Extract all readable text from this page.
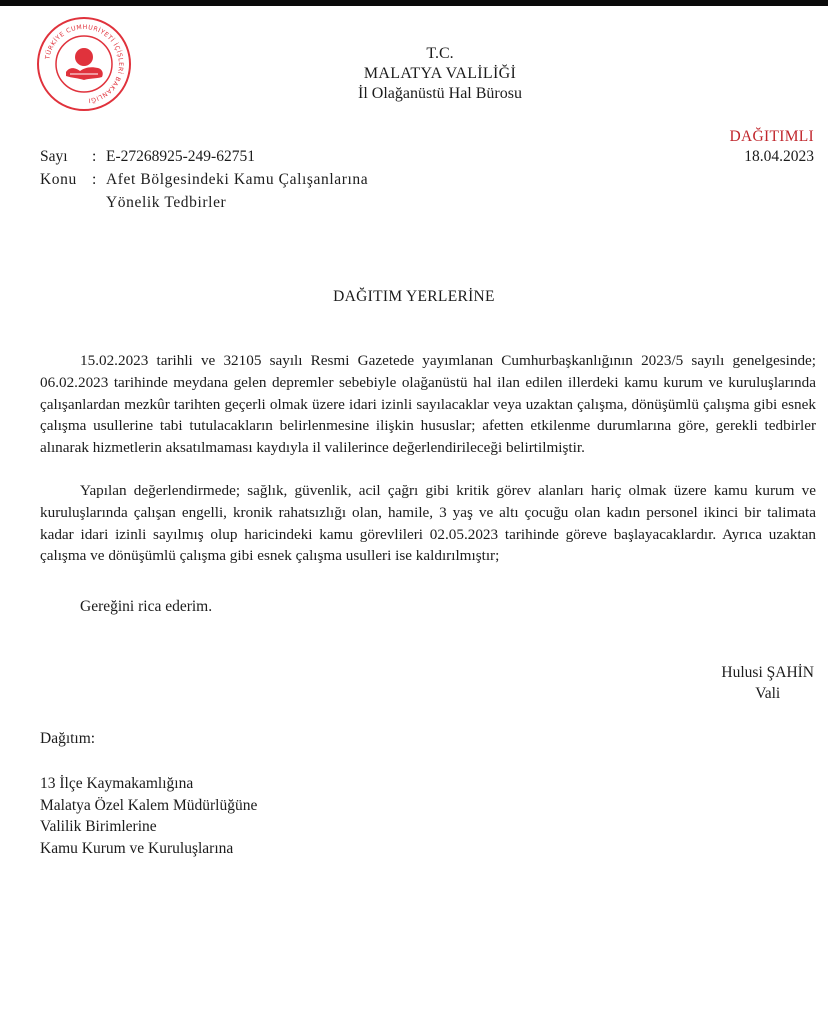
TÜRKİYE CUMHURİYETİ İÇİŞLERİ BAKANLIĞI
T.C.
MALATYA VALİLİĞİ
İl Olağanüstü Hal Bürosu
DAĞITIMLI
18.04.2023
Sayı : E-27268925-249-62751
Konu : Afet Bölgesindeki Kamu Çalışanlarına
Yönelik Tedbirler
DAĞITIM YERLERİNE
15.02.2023 tarihli ve 32105 sayılı Resmi Gazetede yayımlanan Cumhurbaşkanlığının 2023/5 sayılı genelgesinde; 06.02.2023 tarihinde meydana gelen depremler sebebiyle olağanüstü hal ilan edilen illerdeki kamu kurum ve kuruluşlarında çalışanlardan mezkûr tarihten geçerli olmak üzere idari izinli sayılacaklar veya uzaktan çalışma, dönüşümlü çalışma gibi esnek çalışma usullerine tabi tutulacakların belirlenmesine ilişkin hususlar; afetten etkilenme durumlarına göre, gerekli tedbirler alınarak hizmetlerin aksatılmaması kaydıyla il valilerince değerlendirileceği belirtilmiştir.
Yapılan değerlendirmede; sağlık, güvenlik, acil çağrı gibi kritik görev alanları hariç olmak üzere kamu kurum ve kuruluşlarında çalışan engelli, kronik rahatsızlığı olan, hamile, 3 yaş ve altı çocuğu olan kadın personel ikinci bir talimata kadar idari izinli sayılmış olup haricindeki kamu görevlileri 02.05.2023 tarihinde göreve başlayacaklardır. Ayrıca uzaktan çalışma ve dönüşümlü çalışma gibi esnek çalışma usulleri ise kaldırılmıştır;
Gereğini rica ederim.
Hulusi ŞAHİN
Vali
Dağıtım:
13 İlçe Kaymakamlığına
Malatya Özel Kalem Müdürlüğüne
Valilik Birimlerine
Kamu Kurum ve Kuruluşlarına
